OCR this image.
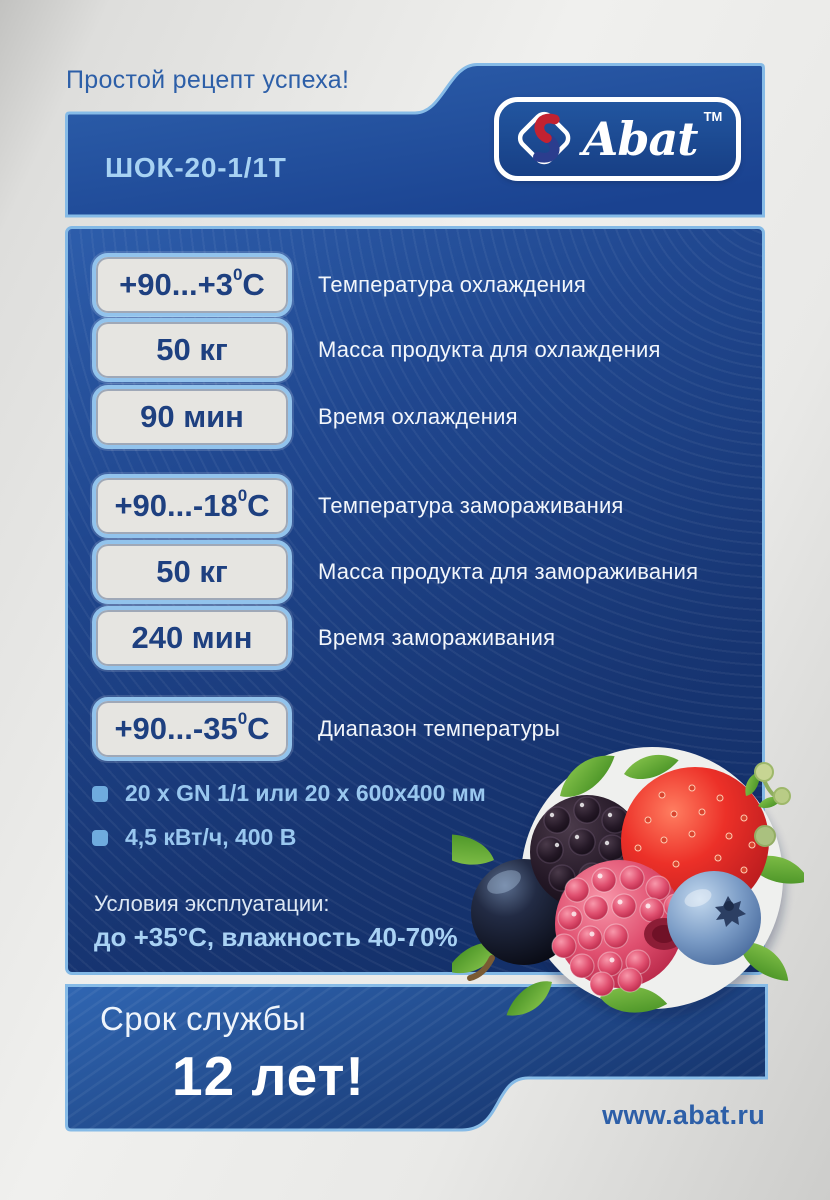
Простой рецепт успеха!
ШОК-20-1/1Т
Abat TM
$+90...+3^0$ C Температура охлаждения
50 кг	Масса продукта для охлаждения
90 мин	Время охлаждения
$+90...-18^0$ C Температура замораживания
50 кг	Масса продукта для замораживания
240 мин	Время замораживания
$+90...-35^0$ C Диапазон температуры
20 х GN 1/1 или 20 х 600х400 мм
4,5 кВт/ч, 400 В
Условия эксплуатации:
до +35°С, влажность 40-70%
Срок службы
12 лет!
www.abat.ru
